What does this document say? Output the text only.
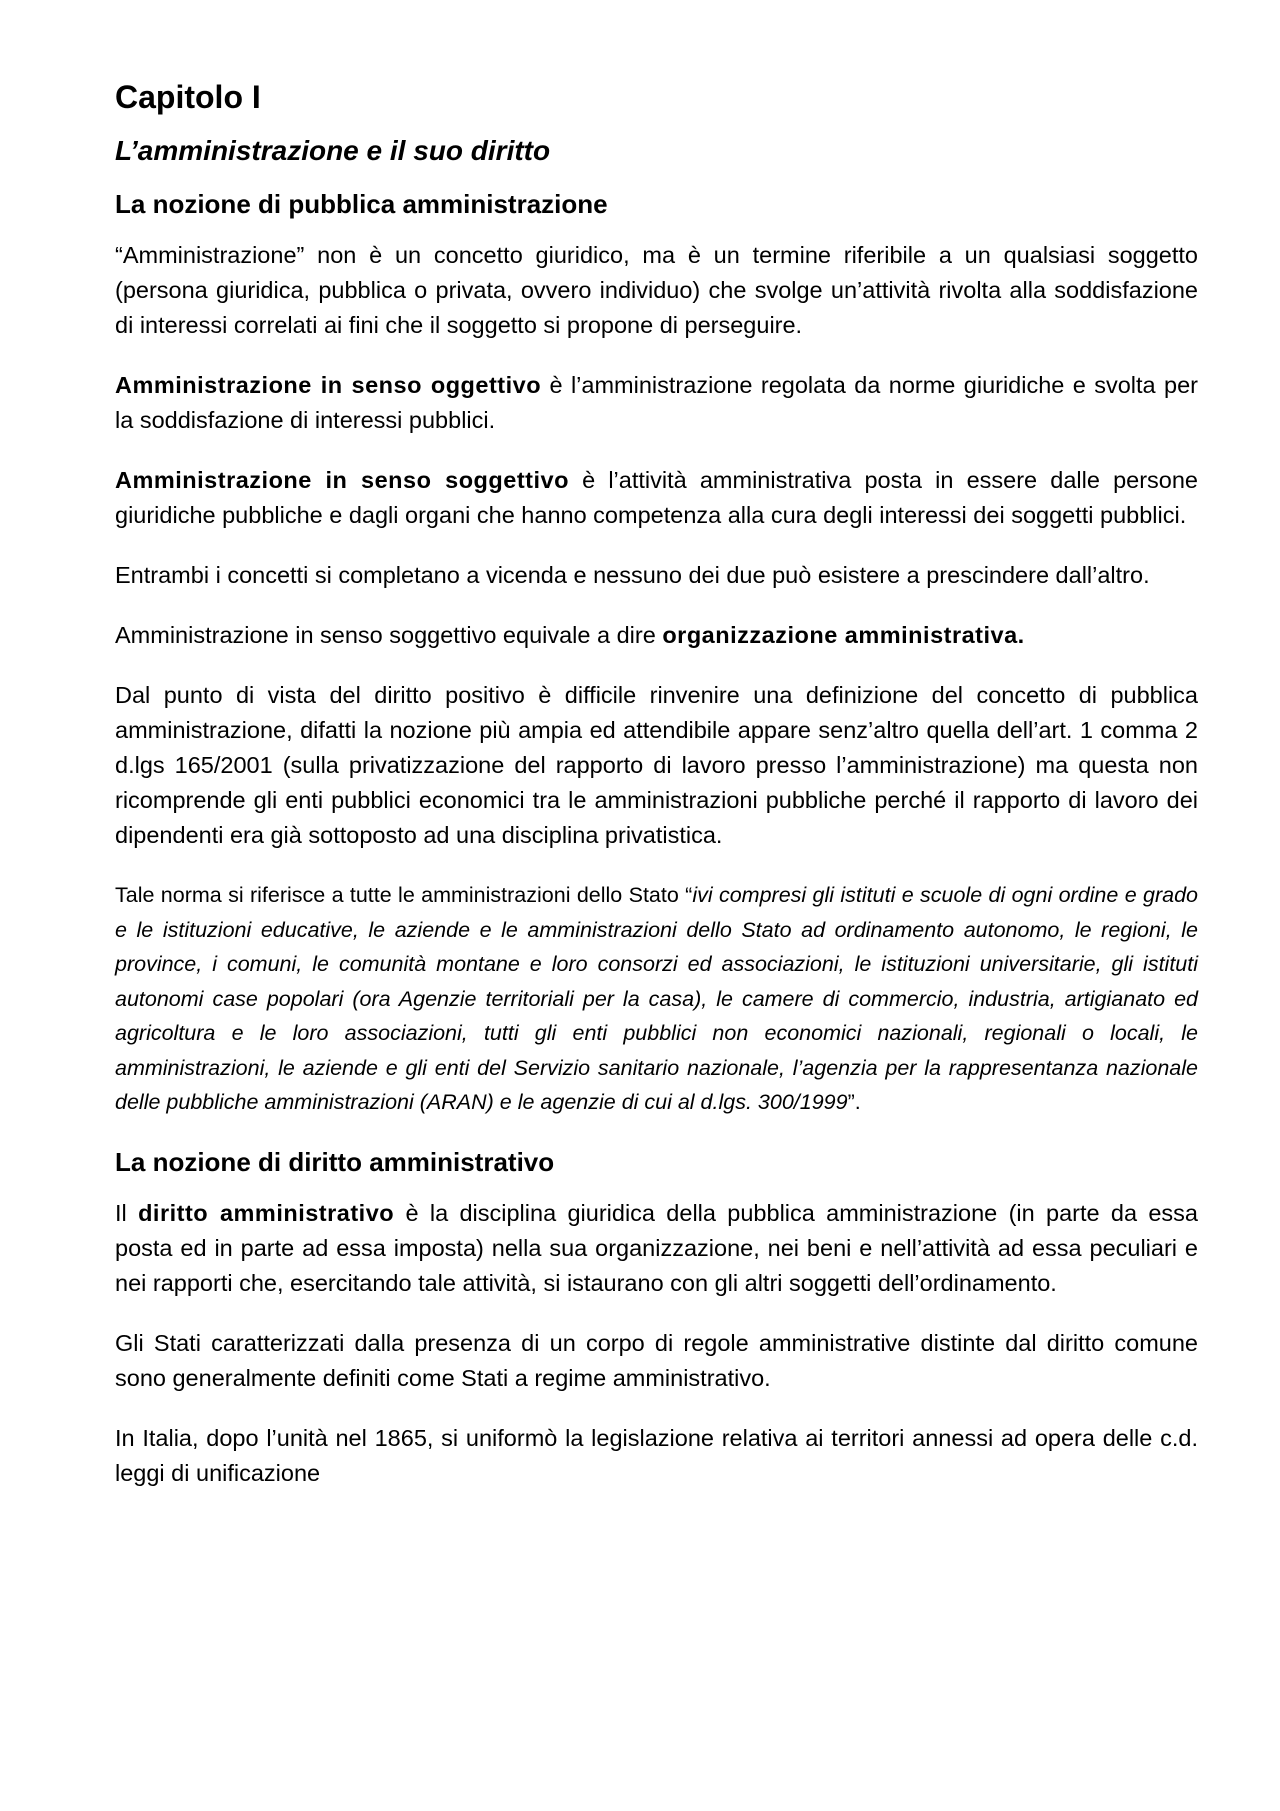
Capitolo I
L’amministrazione e il suo diritto
La nozione di pubblica amministrazione

“Amministrazione” non è un concetto giuridico, ma è un termine riferibile a un qualsiasi soggetto (persona giuridica, pubblica o privata, ovvero individuo) che svolge un’attività rivolta alla soddisfazione di interessi correlati ai fini che il soggetto si propone di perseguire.

Amministrazione in senso oggettivo è l’amministrazione regolata da norme giuridiche e svolta per la soddisfazione di interessi pubblici.

Amministrazione in senso soggettivo è l’attività amministrativa posta in essere dalle persone giuridiche pubbliche e dagli organi che hanno competenza alla cura degli interessi dei soggetti pubblici.

Entrambi i concetti si completano a vicenda e nessuno dei due può esistere a prescindere dall’altro.

Amministrazione in senso soggettivo equivale a dire organizzazione amministrativa.

Dal punto di vista del diritto positivo è difficile rinvenire una definizione del concetto di pubblica amministrazione, difatti la nozione più ampia ed attendibile appare senz’altro quella dell’art. 1 comma 2 d.lgs 165/2001 (sulla privatizzazione del rapporto di lavoro presso l’amministrazione) ma questa non ricomprende gli enti pubblici economici tra le amministrazioni pubbliche perché il rapporto di lavoro dei dipendenti era già sottoposto ad una disciplina privatistica.

Tale norma si riferisce a tutte le amministrazioni dello Stato “ivi compresi gli istituti e scuole di ogni ordine e grado e le istituzioni educative, le aziende e le amministrazioni dello Stato ad ordinamento autonomo, le regioni, le province, i comuni, le comunità montane e loro consorzi ed associazioni, le istituzioni universitarie, gli istituti autonomi case popolari (ora Agenzie territoriali per la casa), le camere di commercio, industria, artigianato ed agricoltura e le loro associazioni, tutti gli enti pubblici non economici nazionali, regionali o locali, le amministrazioni, le aziende e gli enti del Servizio sanitario nazionale, l’agenzia per la rappresentanza nazionale delle pubbliche amministrazioni (ARAN) e le agenzie di cui al d.lgs. 300/1999”.

La nozione di diritto amministrativo

Il diritto amministrativo è la disciplina giuridica della pubblica amministrazione (in parte da essa posta ed in parte ad essa imposta) nella sua organizzazione, nei beni e nell’attività ad essa peculiari e nei rapporti che, esercitando tale attività, si istaurano con gli altri soggetti dell’ordinamento.

Gli Stati caratterizzati dalla presenza di un corpo di regole amministrative distinte dal diritto comune sono generalmente definiti come Stati a regime amministrativo.

In Italia, dopo l’unità nel 1865, si uniformò la legislazione relativa ai territori annessi ad opera delle c.d. leggi di unificazione
